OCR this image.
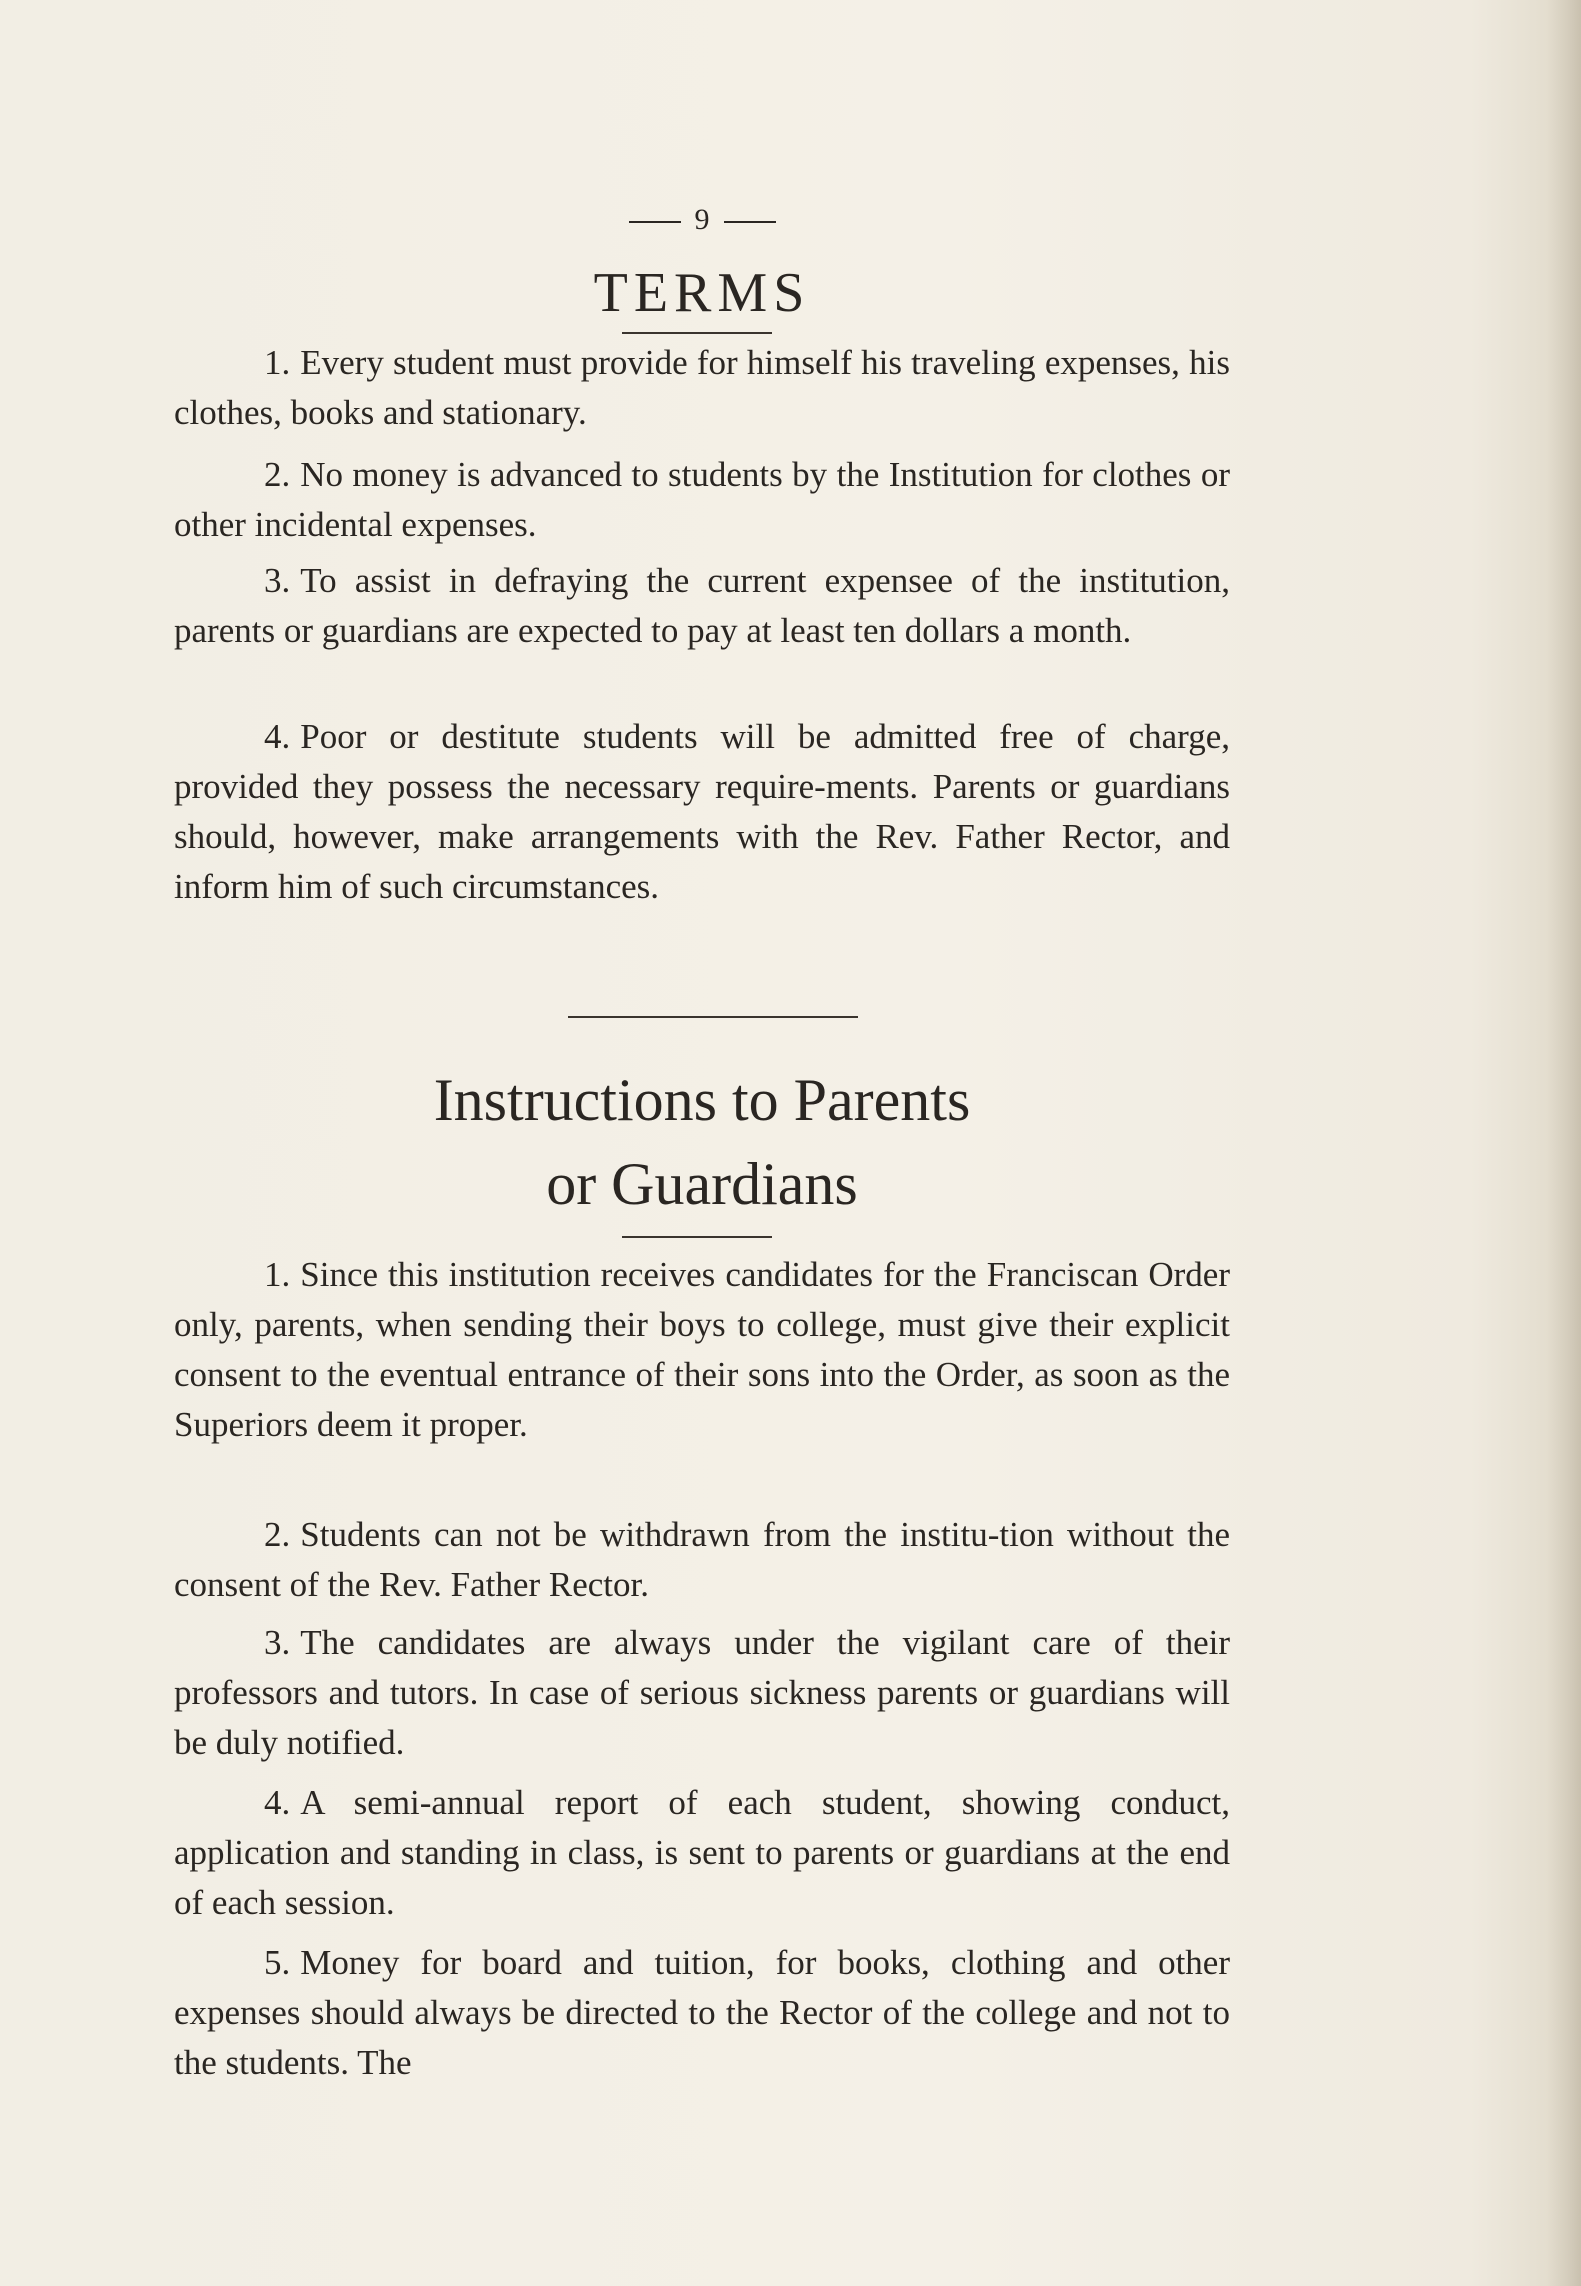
9
TERMS

1. Every student must provide for himself his traveling expenses, his clothes, books and stationary.

2. No money is advanced to students by the Institution for clothes or other incidental expenses.

3. To assist in defraying the current expensee of the institution, parents or guardians are expected to pay at least ten dollars a month.

4. Poor or destitute students will be admitted free of charge, provided they possess the necessary require-ments. Parents or guardians should, however, make arrangements with the Rev. Father Rector, and inform him of such circumstances.

Instructions to Parents
or Guardians

1. Since this institution receives candidates for the Franciscan Order only, parents, when sending their boys to college, must give their explicit consent to the eventual entrance of their sons into the Order, as soon as the Superiors deem it proper.

2. Students can not be withdrawn from the institu-tion without the consent of the Rev. Father Rector.

3. The candidates are always under the vigilant care of their professors and tutors. In case of serious sickness parents or guardians will be duly notified.

4. A semi-annual report of each student, showing conduct, application and standing in class, is sent to parents or guardians at the end of each session.

5. Money for board and tuition, for books, clothing and other expenses should always be directed to the Rector of the college and not to the students. The
